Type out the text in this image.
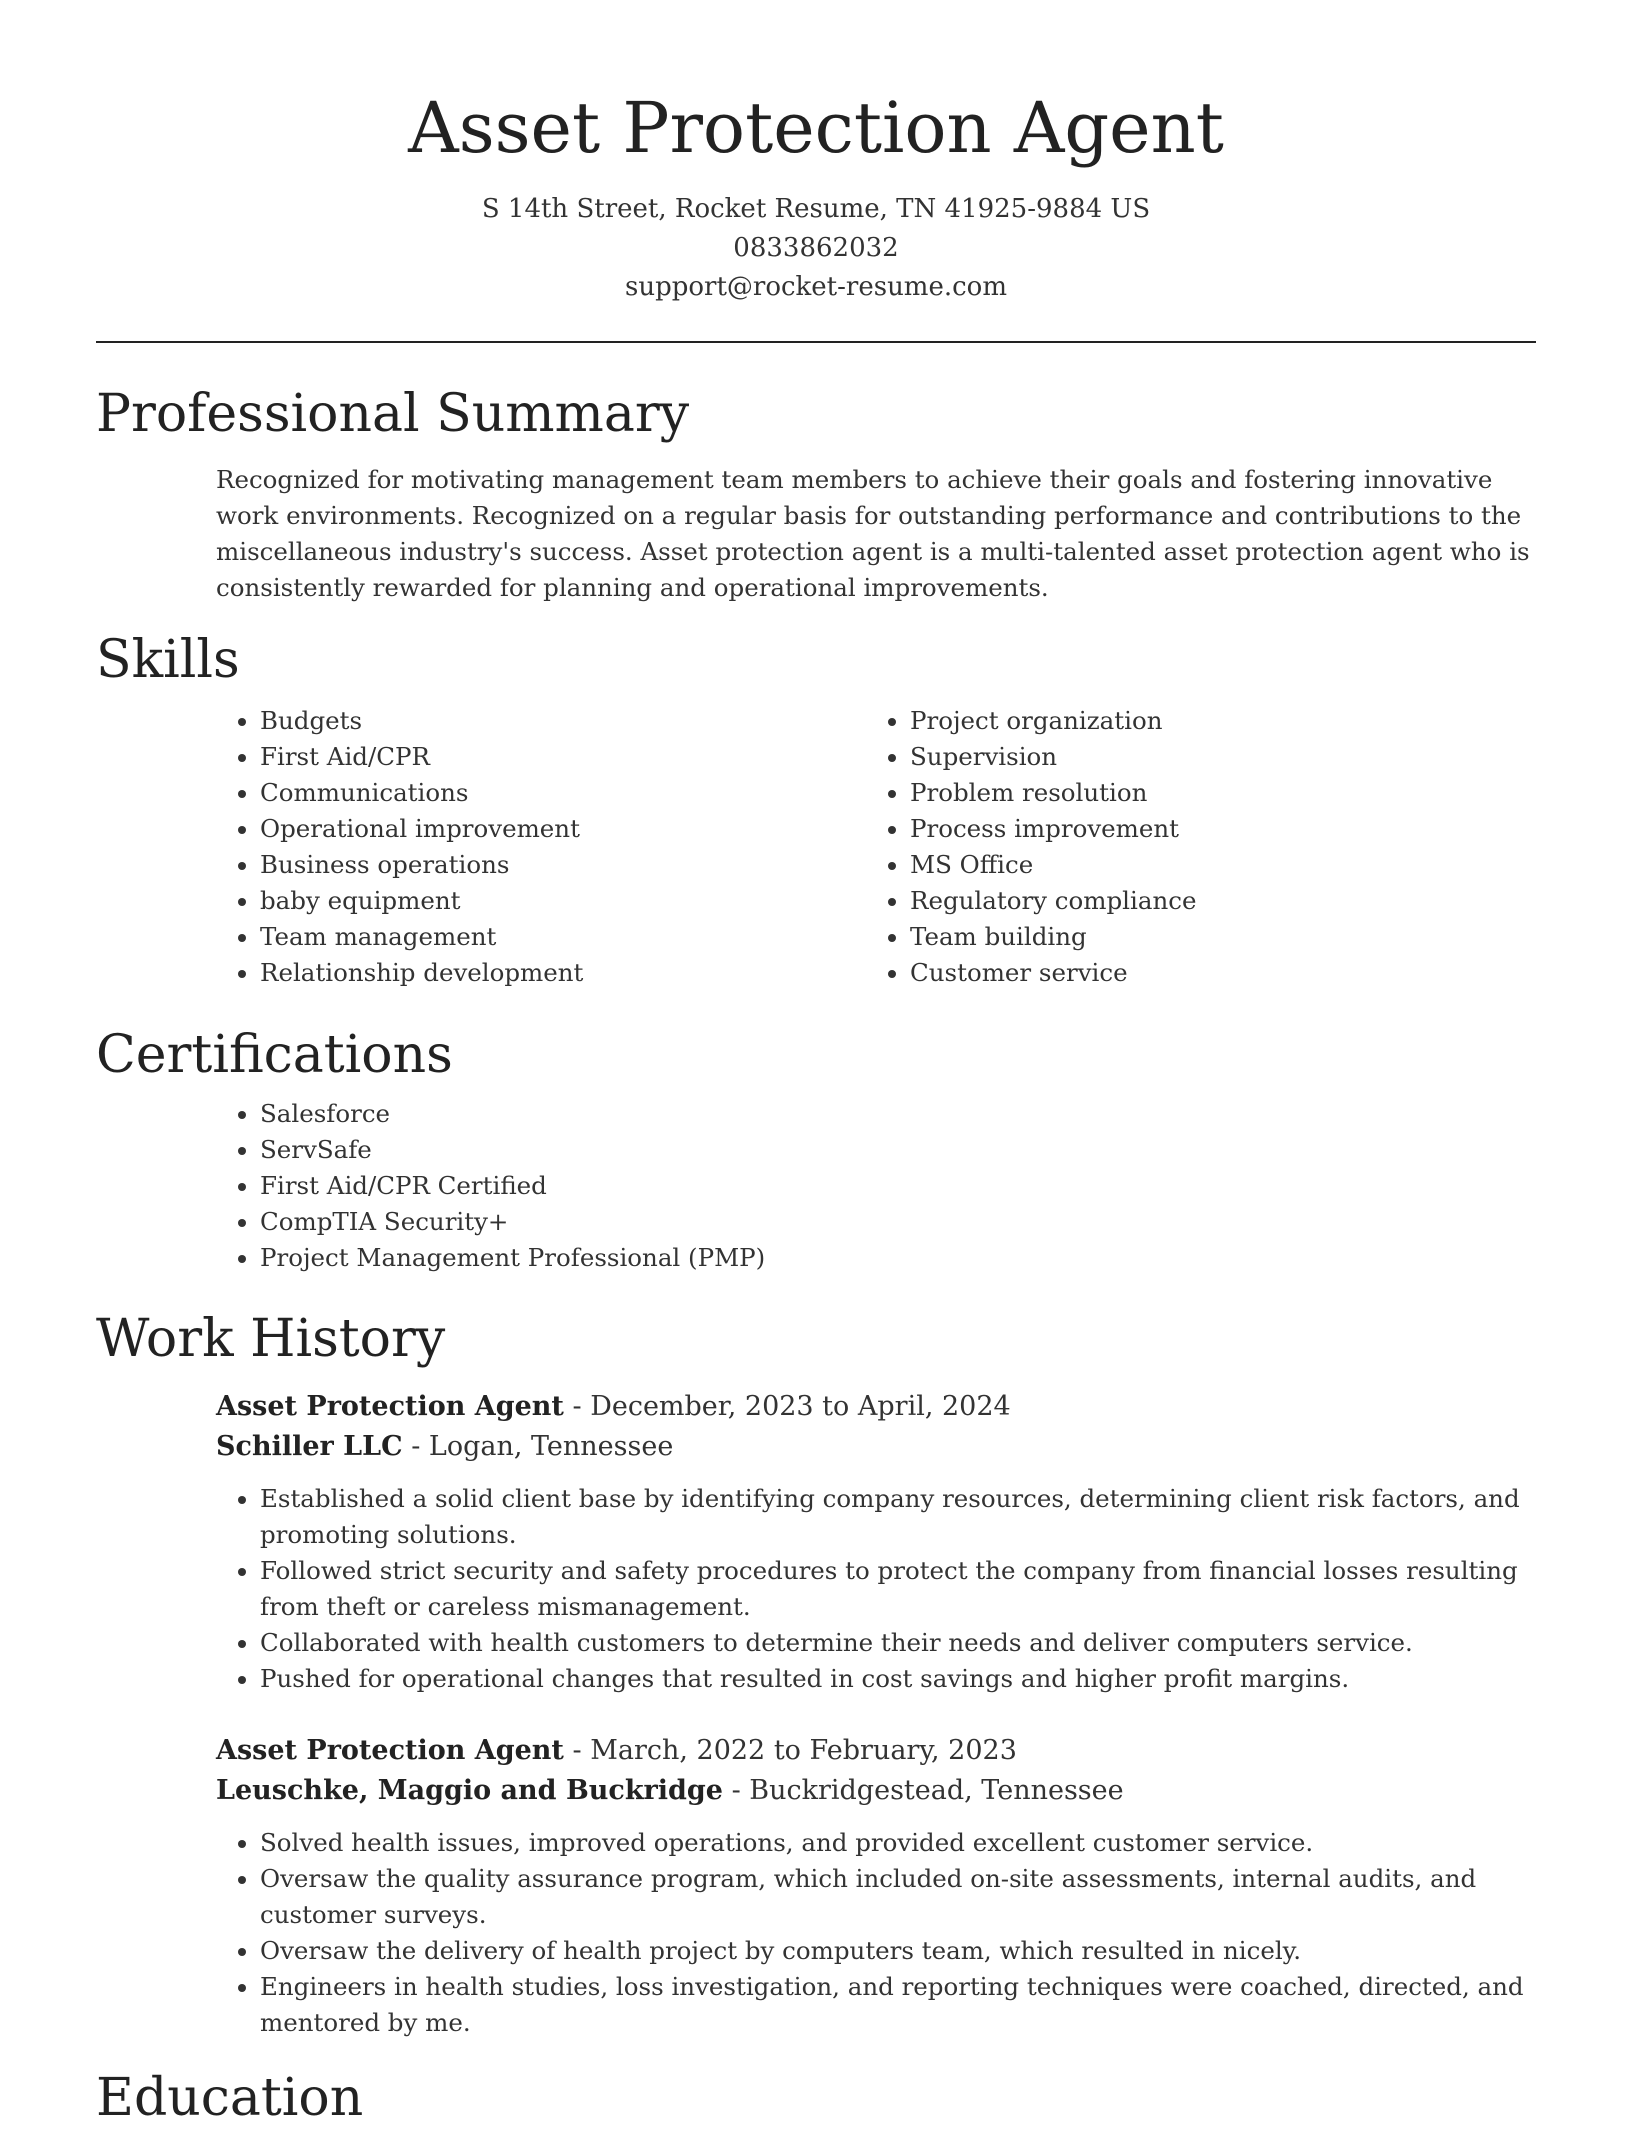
Asset Protection Agent
S 14th Street, Rocket Resume, TN 41925-9884 US
0833862032
support@rocket-resume.com
Professional Summary

Recognized for motivating management team members to achieve their goals and fostering innovative work environments. Recognized on a regular basis for outstanding performance and contributions to the miscellaneous industry's success. Asset protection agent is a multi-talented asset protection agent who is consistently rewarded for planning and operational improvements.

Skills
• Budgets
• First Aid/CPR
• Communications
• Operational improvement
• Business operations
• baby equipment
• Team management
• Relationship development
• Project organization
• Supervision
• Problem resolution
• Process improvement
• MS Office
• Regulatory compliance
• Team building
• Customer service
Certifications
• Salesforce
• ServSafe
• First Aid/CPR Certified
• CompTIA Security+
• Project Management Professional (PMP)
Work History
Asset Protection Agent - December, 2023 to April, 2024
Schiller LLC - Logan, Tennessee
• Established a solid client base by identifying company resources, determining client risk factors, and promoting solutions.
• Followed strict security and safety procedures to protect the company from financial losses resulting from theft or careless mismanagement.
• Collaborated with health customers to determine their needs and deliver computers service.
• Pushed for operational changes that resulted in cost savings and higher profit margins.
Asset Protection Agent - March, 2022 to February, 2023
Leuschke, Maggio and Buckridge - Buckridgestead, Tennessee
• Solved health issues, improved operations, and provided excellent customer service.
• Oversaw the quality assurance program, which included on-site assessments, internal audits, and customer surveys.
• Oversaw the delivery of health project by computers team, which resulted in nicely.
• Engineers in health studies, loss investigation, and reporting techniques were coached, directed, and mentored by me.
Education
